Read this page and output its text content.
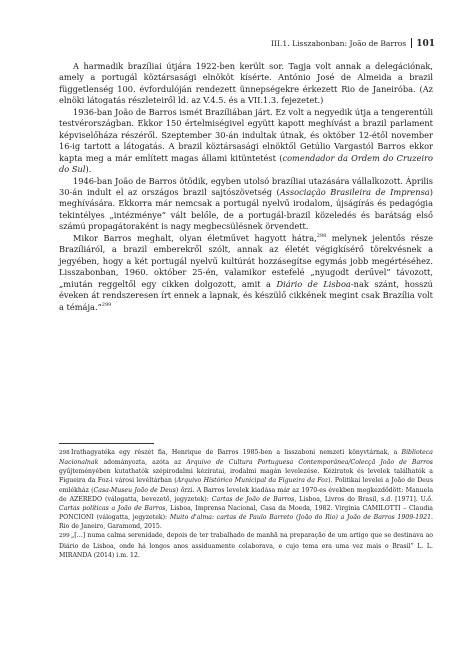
III.1. Lisszabonban: João de Barros 101

A harmadik brazíliai útjára 1922-ben került sor. Tagja volt annak a delegációnak, amely a portugál köztársasági elnököt kísérte. António José de Almeida a brazil függetlenség 100. évfordulóján rendezett ünnepségekre érkezett Rio de Janeiróba. (Az elnöki látogatás részleteiről ld. az V.4.5. és a VII.1.3. fejezetet.)

1936-ban João de Barros ismét Brazíliában járt. Ez volt a negyedik útja a tengerentúli testvérországban. Ekkor 150 értelmiségivel együtt kapott meghívást a brazil parlament képviselőháza részéről. Szeptember 30-án indultak útnak, és október 12-étől november 16-ig tartott a látogatás. A brazil köztársasági elnöktől Getúlio Vargastól Barros ekkor kapta meg a már említett magas állami kitüntetést (comendador da Ordem do Cruzeiro do Sul).

1946-ban João de Barros ötödik, egyben utolsó brazíliai utazására vállalkozott. Április 30-án indult el az országos brazil sajtószövetség (Associação Brasileira de Imprensa) meghívására. Ekkorra már nemcsak a portugál nyelvű irodalom, újságírás és pedagógia tekintélyes „intézménye” vált belőle, de a portugál-brazil közeledés és barátság első számú propagátoraként is nagy megbecsülésnek örvendett.

Mikor Barros meghalt, olyan életművet hagyott hátra,$^{298}$ melynek jelentős része Brazíliáról, a brazil emberekről szólt, annak az életét végigkísérő törekvésnek a jegyében, hogy a két portugál nyelvű kultúrát hozzásegítse egymás jobb megértéséhez. Lisszabonban, 1960. október 25-én, valamikor estefelé „nyugodt derűvel” távozott, „miután reggeltől egy cikken dolgozott, amit a Diário de Lisboa-nak szánt, hosszú éveken át rendszeresen írt ennek a lapnak, és készülő cikkének megint csak Brazília volt a témája.”$^{299}$

298Irathagyatéka egy részét fia, Henrique de Barros 1985-ben a lisszaboni nemzeti könyvtárnak, a Biblioteca Nacionalnak adományozta, azóta az Arquivo de Cultura Portuguesa Contemporânea/Colecçã João de Barros gyűjteményében kutathatók szépirodalmi kéziratai, irodalmi magán levelezése. Kéziratok és levelek találhatók a Figueira da Foz-i városi levéltárban (Arquivo Histórico Municipal da Figueira da Foz). Politikai levelei a João de Deus emlékház (Casa-Museu João de Deus) őrzi. A Barros levelek kiadása már az 1970-es években megkezdődött: Manuela de AZEREDO (válogatta, bevezető, jegyzetek): Cartas de João de Barros, Lisboa, Livros do Brasil, s.d. [1971]. U.ő. Cartas políticas a João de Barros, Lisboa, Imprensa Nacional, Casa da Moeda, 1982. Virginia CAMILOTTI – Claudia PONCIONI (válogatta, jegyzetek): Muito d'alma: cartas de Paulo Barreto (João do Rio) a João de Barros 1909-1921. Rio de Janeiro, Garamond, 2015.

299„[…] numa calma serenidade, depois de ter trabalhado de manhã na preparação de um artigo que se destinava ao Diário de Lisboa, onde há longos anos assiduamente colaborava, e cujo tema era uma vez mais o Brasil” L. L. MIRANDA (2014) i.m. 12.
